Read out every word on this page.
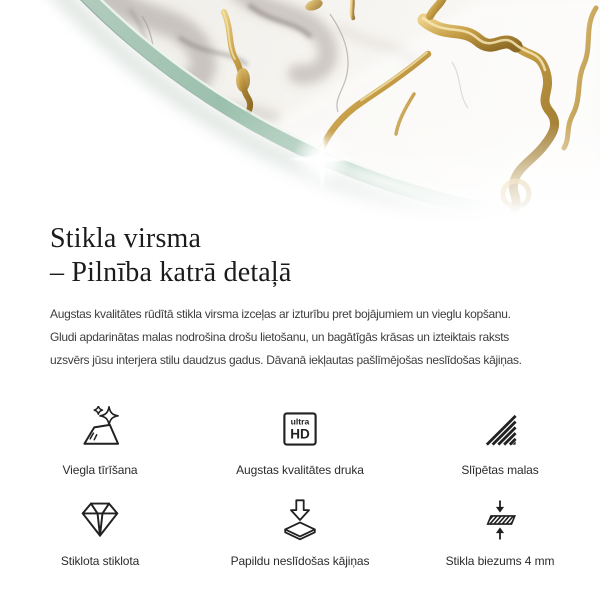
Stikla virsma
– Pilnība katrā detaļā
Augstas kvalitātes rūdītā stikla virsma izceļas ar izturību pret bojājumiem un vieglu kopšanu.
Gludi apdarinātas malas nodrošina drošu lietošanu, un bagātīgās krāsas un izteiktais raksts
uzsvērs jūsu interjera stilu daudzus gadus. Dāvanā iekļautas pašlīmējošas neslīdošas kājiņas.
Viegla tīrīšana
ultra
HD
Augstas kvalitātes druka	Slīpētas malas
Stiklota stiklota	Papildu neslīdošas kājiņas	Stikla biezums 4 mm
